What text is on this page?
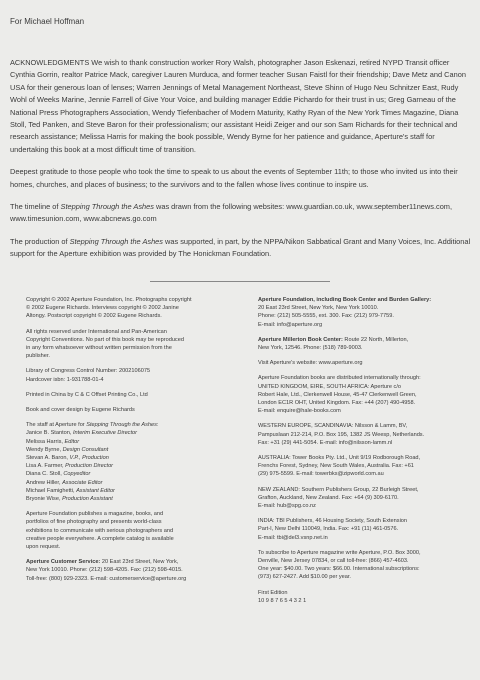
For Michael Hoffman

ACKNOWLEDGMENTS We wish to thank construction worker Rory Walsh, photographer Jason Eskenazi, retired NYPD Transit officer Cynthia Gorrin, realtor Patrice Mack, caregiver Lauren Murduca, and former teacher Susan Faistl for their friendship; Dave Metz and Canon USA for their generous loan of lenses; Warren Jennings of Metal Management Northeast, Steve Shinn of Hugo Neu Schnitzer East, Rudy Wohl of Weeks Marine, Jennie Farrell of Give Your Voice, and building manager Eddie Pichardo for their trust in us; Greg Garneau of the National Press Photographers Association, Wendy Tiefenbacher of Modern Maturity, Kathy Ryan of the New York Times Magazine, Diana Stoll, Ted Panken, and Steve Baron for their professionalism; our assistant Heidi Zeiger and our son Sam Richards for their technical and research assistance; Melissa Harris for making the book possible, Wendy Byrne for her patience and guidance, Aperture's staff for undertaking this book at a most difficult time of transition.

Deepest gratitude to those people who took the time to speak to us about the events of September 11th; to those who invited us into their homes, churches, and places of business; to the survivors and to the fallen whose lives continue to inspire us.

The timeline of Stepping Through the Ashes was drawn from the following websites: www.guardian.co.uk, www.september11news.com, www.timesunion.com, www.abcnews.go.com

The production of Stepping Through the Ashes was supported, in part, by the NPPA/Nikon Sabbatical Grant and Many Voices, Inc. Additional support for the Aperture exhibition was provided by The Honickman Foundation.

Copyright © 2002 Aperture Foundation, Inc. Photographs copyright
© 2002 Eugene Richards. Interviews copyright © 2002 Janine
Altongy. Postscript copyright © 2002 Eugene Richards.

All rights reserved under International and Pan-American
Copyright Conventions. No part of this book may be reproduced
in any form whatsoever without written permission from the
publisher.

Library of Congress Control Number: 2002106075
Hardcover isbn: 1-931788-01-4

Printed in China by C & C Offset Printing Co., Ltd

Book and cover design by Eugene Richards

The staff at Aperture for Stepping Through the Ashes:
Janice B. Stanton, Interim Executive Director
Melissa Harris, Editor
Wendy Byrne, Design Consultant
Stevan A. Baron, V.P., Production
Lisa A. Farmer, Production Director
Diana C. Stoll, Copyeditor
Andrew Hiller, Associate Editor
Michael Famighetti, Assistant Editor
Bryonie Wise, Production Assistant

Aperture Foundation publishes a magazine, books, and
portfolios of fine photography and presents world-class
exhibitions to communicate with serious photographers and
creative people everywhere. A complete catalog is available
upon request.

Aperture Customer Service: 20 East 23rd Street, New York,
New York 10010. Phone: (212) 598-4205. Fax: (212) 598-4015.
Toll-free: (800) 929-2323. E-mail: customerservice@aperture.org

Aperture Foundation, including Book Center and Burden Gallery:
20 East 23rd Street, New York, New York 10010.
Phone: (212) 505-5555, ext. 300. Fax: (212) 979-7759.
E-mail: info@aperture.org

Aperture Millerton Book Center: Route 22 North, Millerton,
New York, 12546. Phone: (518) 789-9003.

Visit Aperture's website: www.aperture.org

Aperture Foundation books are distributed internationally through:
UNITED KINGDOM, EIRE, SOUTH AFRICA: Aperture c/o
Robert Hale, Ltd., Clerkenwell House, 45-47 Clerkenwell Green,
London EC1R OHT, United Kingdom. Fax: +44 (207) 490-4958.
E-mail: enquire@hale-books.com

WESTERN EUROPE, SCANDINAVIA: Nilsson & Lamm, BV,
Pampuslaan 212-214, P.O. Box 195, 1382 JS Weesp, Netherlands.
Fax: +31 (29) 441-5054. E-mail: info@nilsson-lamm.nl

AUSTRALIA: Tower Books Pty. Ltd., Unit 9/19 Rodborough Road,
Frenchs Forest, Sydney, New South Wales, Australia. Fax: +61
(29) 975-5599. E-mail: towerbks@zipworld.com.au

NEW ZEALAND: Southern Publishers Group, 22 Burleigh Street,
Grafton, Auckland, New Zealand. Fax: +64 (9) 309-6170.
E-mail: hub@spg.co.nz

INDIA: TBI Publishers, 46 Housing Society, South Extension
Part-I, New Delhi 110049, India. Fax: +91 (11) 461-0576.
E-mail: tbi@del3.vsnp.net.in

To subscribe to Aperture magazine write Aperture, P.O. Box 3000,
Denville, New Jersey 07834, or call toll-free: (866) 457-4603.
One year: $40.00. Two years: $66.00. International subscriptions:
(973) 627-2427. Add $10.00 per year.

First Edition
10 9 8 7 6 5 4 3 2 1
